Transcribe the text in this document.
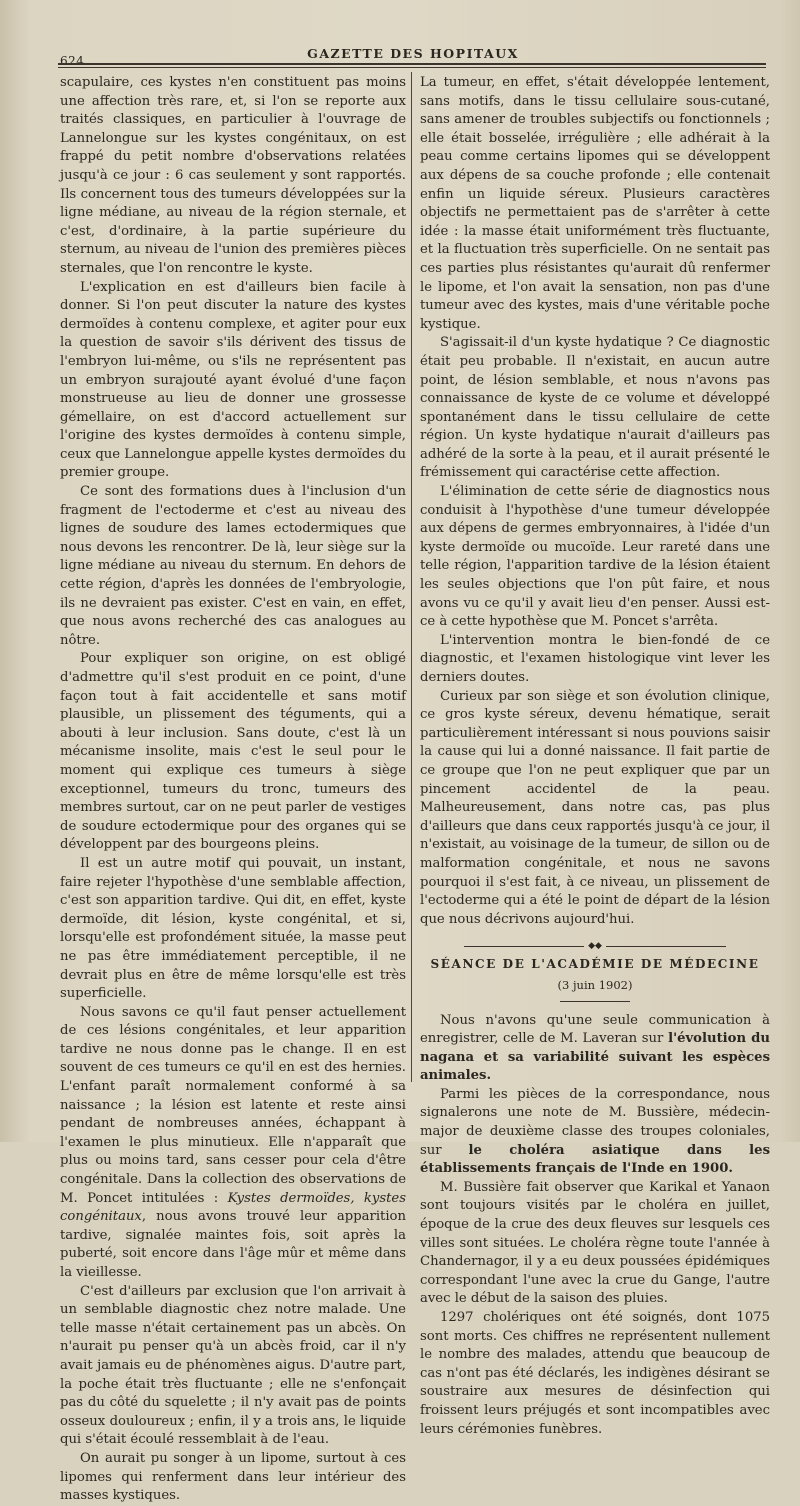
624	GAZETTE DES HOPITAUX

scapulaire, ces kystes n'en constituent pas moins une affection très rare, et, si l'on se reporte aux traités classiques, en particulier à l'ouvrage de Lannelongue sur les kystes congénitaux, on est frappé du petit nombre d'observations relatées jusqu'à ce jour : 6 cas seulement y sont rapportés. Ils concernent tous des tumeurs développées sur la ligne médiane, au niveau de la région sternale, et c'est, d'ordinaire, à la partie supérieure du sternum, au niveau de l'union des premières pièces sternales, que l'on rencontre le kyste.

L'explication en est d'ailleurs bien facile à donner. Si l'on peut discuter la nature des kystes dermoïdes à contenu complexe, et agiter pour eux la question de savoir s'ils dérivent des tissus de l'embryon lui-même, ou s'ils ne représentent pas un embryon surajouté ayant évolué d'une façon monstrueuse au lieu de donner une grossesse gémellaire, on est d'accord actuellement sur l'origine des kystes dermoïdes à contenu simple, ceux que Lannelongue appelle kystes dermoïdes du premier groupe.

Ce sont des formations dues à l'inclusion d'un fragment de l'ectoderme et c'est au niveau des lignes de soudure des lames ectodermiques que nous devons les rencontrer. De là, leur siège sur la ligne médiane au niveau du sternum. En dehors de cette région, d'après les données de l'embryologie, ils ne devraient pas exister. C'est en vain, en effet, que nous avons recherché des cas analogues au nôtre.

Pour expliquer son origine, on est obligé d'admettre qu'il s'est produit en ce point, d'une façon tout à fait accidentelle et sans motif plausible, un plissement des téguments, qui a abouti à leur inclusion. Sans doute, c'est là un mécanisme insolite, mais c'est le seul pour le moment qui explique ces tumeurs à siège exceptionnel, tumeurs du tronc, tumeurs des membres surtout, car on ne peut parler de vestiges de soudure ectodermique pour des organes qui se développent par des bourgeons pleins.

Il est un autre motif qui pouvait, un instant, faire rejeter l'hypothèse d'une semblable affection, c'est son apparition tardive. Qui dit, en effet, kyste dermoïde, dit lésion, kyste congénital, et si, lorsqu'elle est profondément située, la masse peut ne pas être immédiatement perceptible, il ne devrait plus en être de même lorsqu'elle est très superficielle.

Nous savons ce qu'il faut penser actuellement de ces lésions congénitales, et leur apparition tardive ne nous donne pas le change. Il en est souvent de ces tumeurs ce qu'il en est des hernies. L'enfant paraît normalement conformé à sa naissance ; la lésion est latente et reste ainsi pendant de nombreuses années, échappant à l'examen le plus minutieux. Elle n'apparaît que plus ou moins tard, sans cesser pour cela d'être congénitale. Dans la collection des observations de M. Poncet intitulées : Kystes dermoïdes, kystes congénitaux, nous avons trouvé leur apparition tardive, signalée maintes fois, soit après la puberté, soit encore dans l'âge mûr et même dans la vieillesse.

C'est d'ailleurs par exclusion que l'on arrivait à un semblable diagnostic chez notre malade. Une telle masse n'était certainement pas un abcès. On n'aurait pu penser qu'à un abcès froid, car il n'y avait jamais eu de phénomènes aigus. D'autre part, la poche était très fluctuante ; elle ne s'enfonçait pas du côté du squelette ; il n'y avait pas de points osseux douloureux ; enfin, il y a trois ans, le liquide qui s'était écoulé ressemblait à de l'eau.

On aurait pu songer à un lipome, surtout à ces lipomes qui renferment dans leur intérieur des masses kystiques.

La tumeur, en effet, s'était développée lentement, sans motifs, dans le tissu cellulaire sous-cutané, sans amener de troubles subjectifs ou fonctionnels ; elle était bosselée, irrégulière ; elle adhérait à la peau comme certains lipomes qui se développent aux dépens de sa couche profonde ; elle contenait enfin un liquide séreux. Plusieurs caractères objectifs ne permettaient pas de s'arrêter à cette idée : la masse était uniformément très fluctuante, et la fluctuation très superficielle. On ne sentait pas ces parties plus résistantes qu'aurait dû renfermer le lipome, et l'on avait la sensation, non pas d'une tumeur avec des kystes, mais d'une véritable poche kystique.

S'agissait-il d'un kyste hydatique ? Ce diagnostic était peu probable. Il n'existait, en aucun autre point, de lésion semblable, et nous n'avons pas connaissance de kyste de ce volume et développé spontanément dans le tissu cellulaire de cette région. Un kyste hydatique n'aurait d'ailleurs pas adhéré de la sorte à la peau, et il aurait présenté le frémissement qui caractérise cette affection.

L'élimination de cette série de diagnostics nous conduisit à l'hypothèse d'une tumeur développée aux dépens de germes embryonnaires, à l'idée d'un kyste dermoïde ou mucoïde. Leur rareté dans une telle région, l'apparition tardive de la lésion étaient les seules objections que l'on pût faire, et nous avons vu ce qu'il y avait lieu d'en penser. Aussi est-ce à cette hypothèse que M. Poncet s'arrêta.

L'intervention montra le bien-fondé de ce diagnostic, et l'examen histologique vint lever les derniers doutes.

Curieux par son siège et son évolution clinique, ce gros kyste séreux, devenu hématique, serait particulièrement intéressant si nous pouvions saisir la cause qui lui a donné naissance. Il fait partie de ce groupe que l'on ne peut expliquer que par un pincement accidentel de la peau. Malheureusement, dans notre cas, pas plus d'ailleurs que dans ceux rapportés jusqu'à ce jour, il n'existait, au voisinage de la tumeur, de sillon ou de malformation congénitale, et nous ne savons pourquoi il s'est fait, à ce niveau, un plissement de l'ectoderme qui a été le point de départ de la lésion que nous décrivons aujourd'hui.

◆◆
SÉANCE DE L'ACADÉMIE DE MÉDECINE
(3 juin 1902)

Nous n'avons qu'une seule communication à enregistrer, celle de M. Laveran sur l'évolution du nagana et sa variabilité suivant les espèces animales.

Parmi les pièces de la correspondance, nous signalerons une note de M. Bussière, médecin-major de deuxième classe des troupes coloniales, sur le choléra asiatique dans les établissements français de l'Inde en 1900.

M. Bussière fait observer que Karikal et Yanaon sont toujours visités par le choléra en juillet, époque de la crue des deux fleuves sur lesquels ces villes sont situées. Le choléra règne toute l'année à Chandernagor, il y a eu deux poussées épidémiques correspondant l'une avec la crue du Gange, l'autre avec le début de la saison des pluies.

1297 cholériques ont été soignés, dont 1075 sont morts. Ces chiffres ne représentent nullement le nombre des malades, attendu que beaucoup de cas n'ont pas été déclarés, les indigènes désirant se soustraire aux mesures de désinfection qui froissent leurs préjugés et sont incompatibles avec leurs cérémonies funèbres.
